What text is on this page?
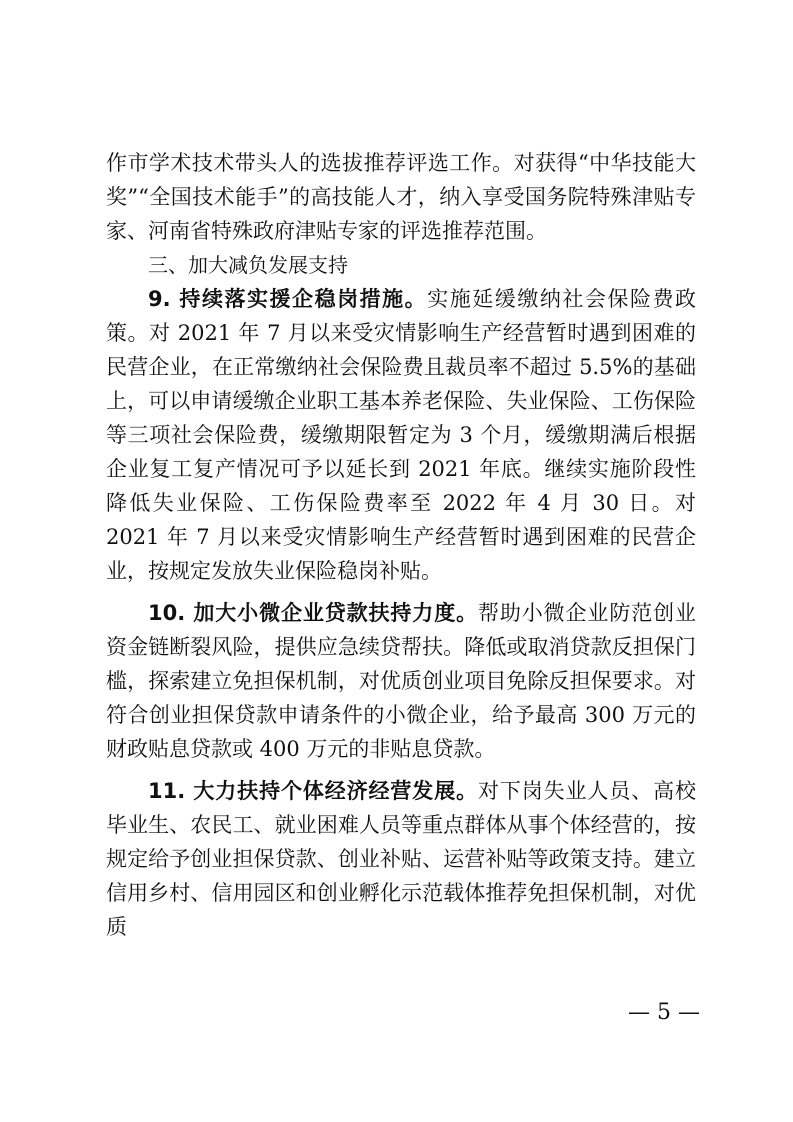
作市学术技术带头人的选拔推荐评选工作。对获得“中华技能大奖”“全国技术能手”的高技能人才，纳入享受国务院特殊津贴专家、河南省特殊政府津贴专家的评选推荐范围。

三、加大减负发展支持

9. 持续落实援企稳岗措施。实施延缓缴纳社会保险费政策。对 2021 年 7 月以来受灾情影响生产经营暂时遇到困难的民营企业，在正常缴纳社会保险费且裁员率不超过 5.5%的基础上，可以申请缓缴企业职工基本养老保险、失业保险、工伤保险等三项社会保险费，缓缴期限暂定为 3 个月，缓缴期满后根据企业复工复产情况可予以延长到 2021 年底。继续实施阶段性降低失业保险、工伤保险费率至 2022 年 4 月 30 日。对 2021 年 7 月以来受灾情影响生产经营暂时遇到困难的民营企业，按规定发放失业保险稳岗补贴。

10. 加大小微企业贷款扶持力度。帮助小微企业防范创业资金链断裂风险，提供应急续贷帮扶。降低或取消贷款反担保门槛，探索建立免担保机制，对优质创业项目免除反担保要求。对符合创业担保贷款申请条件的小微企业，给予最高 300 万元的财政贴息贷款或 400 万元的非贴息贷款。

11. 大力扶持个体经济经营发展。对下岗失业人员、高校毕业生、农民工、就业困难人员等重点群体从事个体经营的，按规定给予创业担保贷款、创业补贴、运营补贴等政策支持。建立信用乡村、信用园区和创业孵化示范载体推荐免担保机制，对优质

— 5 —
